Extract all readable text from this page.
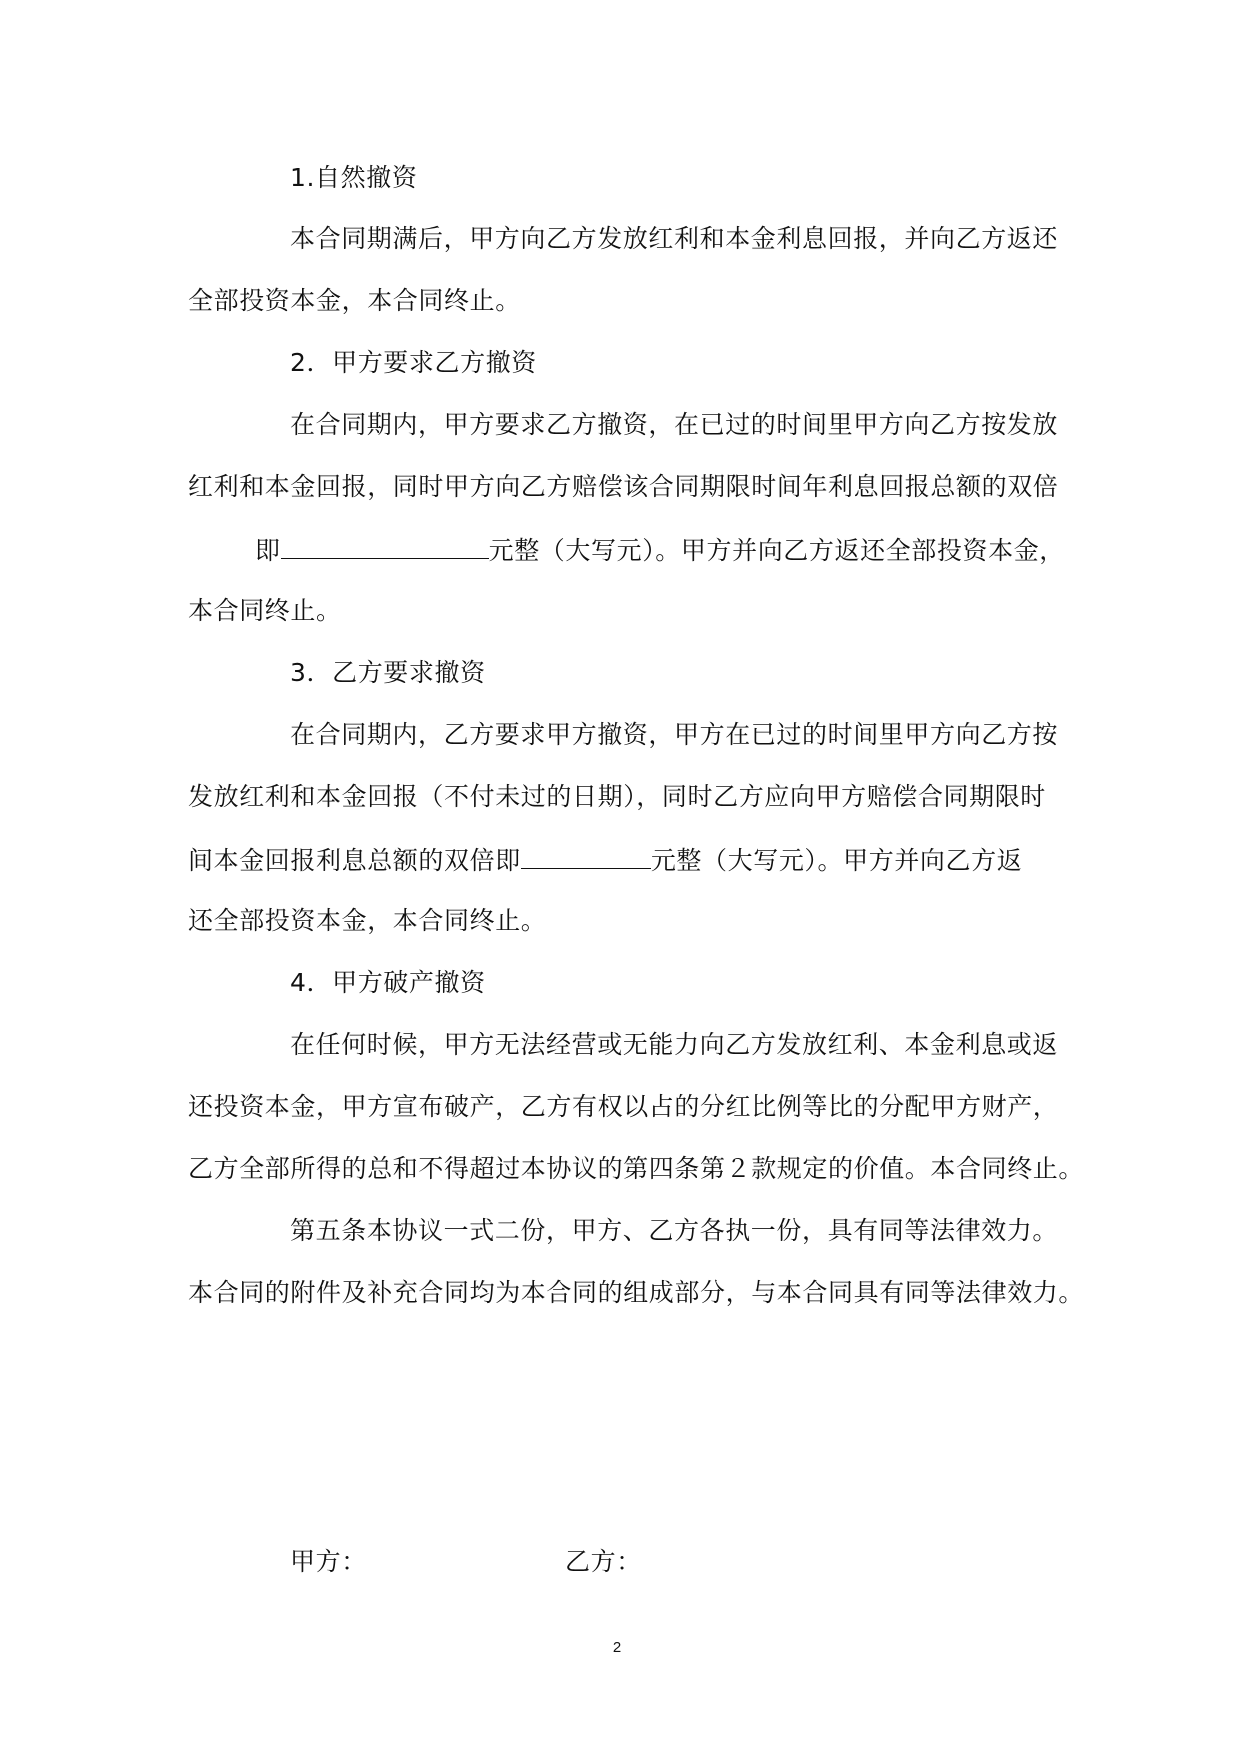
1.自然撤资
本合同期满后，甲方向乙方发放红利和本金利息回报，并向乙方返还
全部投资本金，本合同终止。
2．甲方要求乙方撤资
在合同期内，甲方要求乙方撤资，在已过的时间里甲方向乙方按发放
红利和本金回报，同时甲方向乙方赔偿该合同期限时间年利息回报总额的双倍
即	元整（大写元）。甲方并向乙方返还全部投资本金，
本合同终止。
3．乙方要求撤资
在合同期内，乙方要求甲方撤资，甲方在已过的时间里甲方向乙方按
发放红利和本金回报（不付未过的日期），同时乙方应向甲方赔偿合同期限时
间本金回报利息总额的双倍即	元整（大写元）。甲方并向乙方返
还全部投资本金，本合同终止。
4．甲方破产撤资
在任何时候，甲方无法经营或无能力向乙方发放红利、本金利息或返
还投资本金，甲方宣布破产，乙方有权以占的分红比例等比的分配甲方财产，
乙方全部所得的总和不得超过本协议的第四条第２款规定的价值。本合同终止。
第五条本协议一式二份，甲方、乙方各执一份，具有同等法律效力。
本合同的附件及补充合同均为本合同的组成部分，与本合同具有同等法律效力。
甲方：	乙方：
2
